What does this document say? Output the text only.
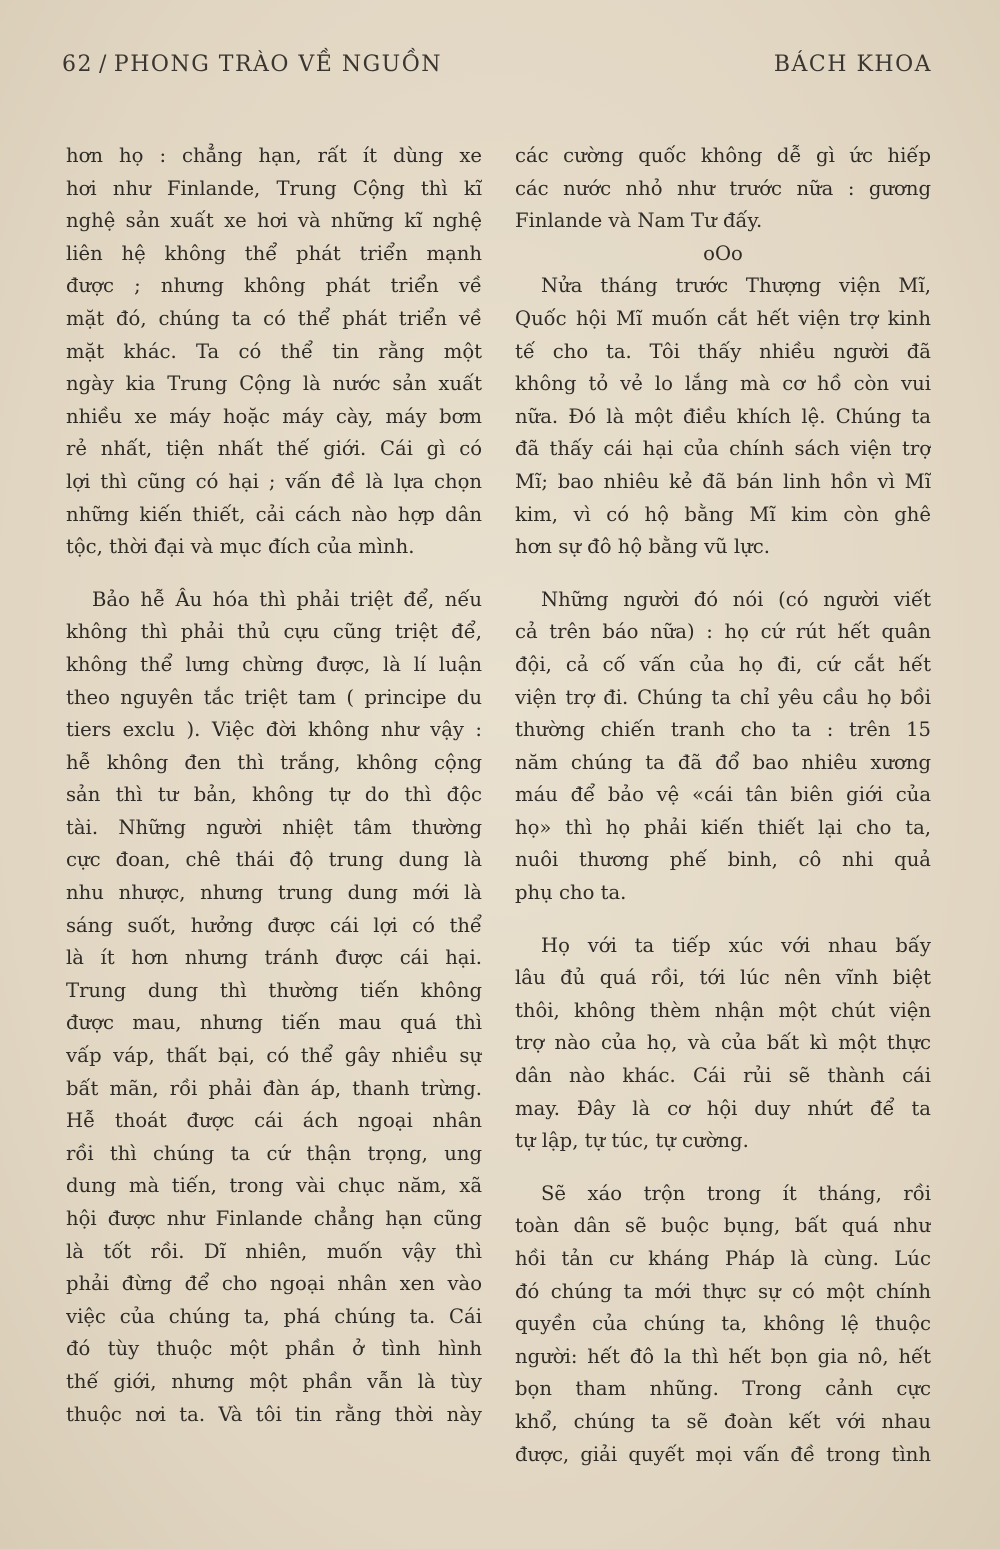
62 / PHONG TRÀO VỀ NGUỒN	BÁCH KHOA
hơn họ : chẳng hạn, rất ít dùng xe
hơi như Finlande, Trung Cộng thì kĩ
nghệ sản xuất xe hơi và những kĩ nghệ
liên hệ không thể phát triển mạnh
được ; nhưng không phát triển về
mặt đó, chúng ta có thể phát triển về
mặt khác. Ta có thể tin rằng một
ngày kia Trung Cộng là nước sản xuất
nhiều xe máy hoặc máy cày, máy bơm
rẻ nhất, tiện nhất thế giới. Cái gì có
lợi thì cũng có hại ; vấn đề là lựa chọn
những kiến thiết, cải cách nào hợp dân
tộc, thời đại và mục đích của mình.
Bảo hễ Âu hóa thì phải triệt để, nếu
không thì phải thủ cựu cũng triệt để,
không thể lưng chừng được, là lí luận
theo nguyên tắc triệt tam ( principe du
tiers exclu ). Việc đời không như vậy :
hễ không đen thì trắng, không cộng
sản thì tư bản, không tự do thì độc
tài. Những người nhiệt tâm thường
cực đoan, chê thái độ trung dung là
nhu nhược, nhưng trung dung mới là
sáng suốt, hưởng được cái lợi có thể
là ít hơn nhưng tránh được cái hại.
Trung dung thì thường tiến không
được mau, nhưng tiến mau quá thì
vấp váp, thất bại, có thể gây nhiều sự
bất mãn, rồi phải đàn áp, thanh trừng.
Hễ thoát được cái ách ngoại nhân
rồi thì chúng ta cứ thận trọng, ung
dung mà tiến, trong vài chục năm, xã
hội được như Finlande chẳng hạn cũng
là tốt rồi. Dĩ nhiên, muốn vậy thì
phải đừng để cho ngoại nhân xen vào
việc của chúng ta, phá chúng ta. Cái
đó tùy thuộc một phần ở tình hình
thế giới, nhưng một phần vẫn là tùy
thuộc nơi ta. Và tôi tin rằng thời này
các cường quốc không dễ gì ức hiếp
các nước nhỏ như trước nữa : gương
Finlande và Nam Tư đấy.
oOo
Nửa tháng trước Thượng viện Mĩ,
Quốc hội Mĩ muốn cắt hết viện trợ kinh
tế cho ta. Tôi thấy nhiều người đã
không tỏ vẻ lo lắng mà cơ hồ còn vui
nữa. Đó là một điều khích lệ. Chúng ta
đã thấy cái hại của chính sách viện trợ
Mĩ; bao nhiêu kẻ đã bán linh hồn vì Mĩ
kim, vì có hộ bằng Mĩ kim còn ghê
hơn sự đô hộ bằng vũ lực.
Những người đó nói (có người viết
cả trên báo nữa) : họ cứ rút hết quân
đội, cả cố vấn của họ đi, cứ cắt hết
viện trợ đi. Chúng ta chỉ yêu cầu họ bồi
thường chiến tranh cho ta : trên 15
năm chúng ta đã đổ bao nhiêu xương
máu để bảo vệ «cái tân biên giới của
họ» thì họ phải kiến thiết lại cho ta,
nuôi thương phế binh, cô nhi quả
phụ cho ta.
Họ với ta tiếp xúc với nhau bấy
lâu đủ quá rồi, tới lúc nên vĩnh biệt
thôi, không thèm nhận một chút viện
trợ nào của họ, và của bất kì một thực
dân nào khác. Cái rủi sẽ thành cái
may. Đây là cơ hội duy nhứt để ta
tự lập, tự túc, tự cường.
Sẽ xáo trộn trong ít tháng, rồi
toàn dân sẽ buộc bụng, bất quá như
hồi tản cư kháng Pháp là cùng. Lúc
đó chúng ta mới thực sự có một chính
quyền của chúng ta, không lệ thuộc
người: hết đô la thì hết bọn gia nô, hết
bọn tham nhũng. Trong cảnh cực
khổ, chúng ta sẽ đoàn kết với nhau
được, giải quyết mọi vấn đề trong tình
